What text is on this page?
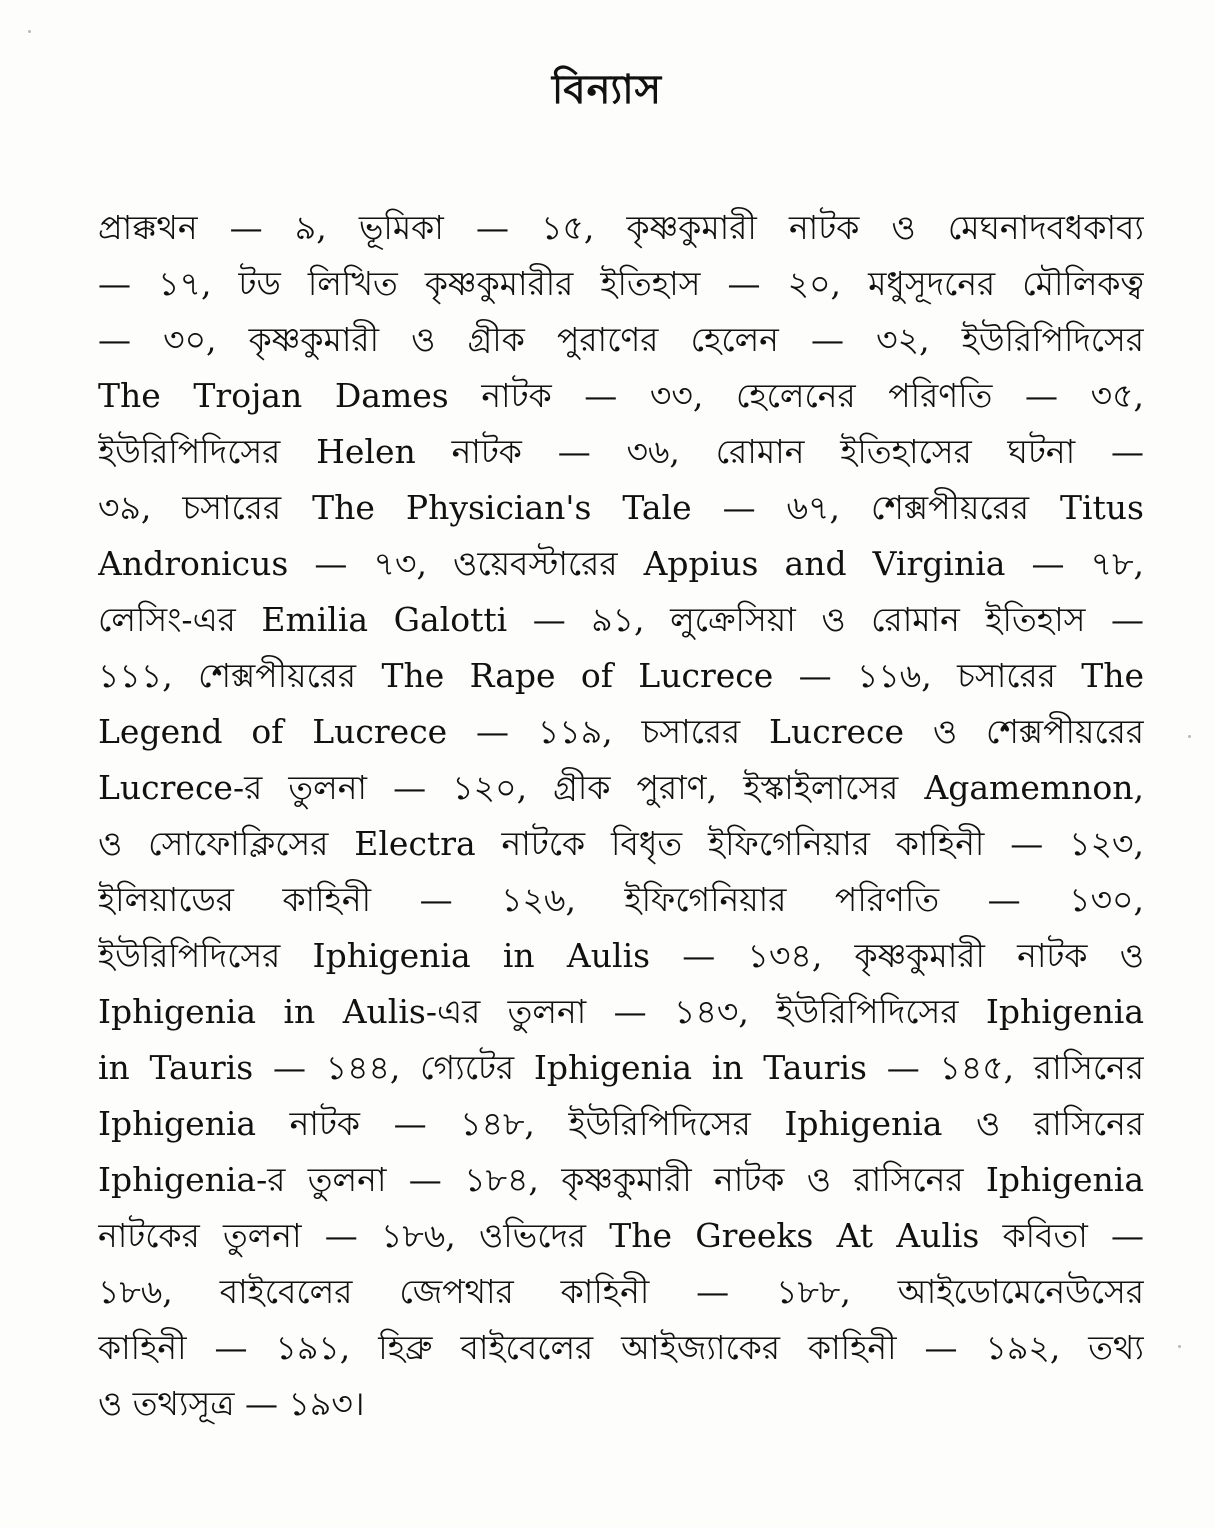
বিন্যাস
প্রাক্কথন — ৯, ভূমিকা — ১৫, কৃষ্ণকুমারী নাটক ও মেঘনাদবধকাব্য
— ১৭, টড লিখিত কৃষ্ণকুমারীর ইতিহাস — ২০, মধুসূদনের মৌলিকত্ব
— ৩০, কৃষ্ণকুমারী ও গ্রীক পুরাণের হেলেন — ৩২, ইউরিপিদিসের
The Trojan Dames নাটক — ৩৩, হেলেনের পরিণতি — ৩৫,
ইউরিপিদিসের Helen নাটক — ৩৬, রোমান ইতিহাসের ঘটনা —
৩৯, চসারের The Physician's Tale — ৬৭, শেক্সপীয়রের Titus
Andronicus — ৭৩, ওয়েবস্টারের Appius and Virginia — ৭৮,
লেসিং-এর Emilia Galotti — ৯১, লুক্রেসিয়া ও রোমান ইতিহাস —
১১১, শেক্সপীয়রের The Rape of Lucrece — ১১৬, চসারের The
Legend of Lucrece — ১১৯, চসারের Lucrece ও শেক্সপীয়রের
Lucrece-র তুলনা — ১২০, গ্রীক পুরাণ, ইস্কাইলাসের Agamemnon,
ও সোফোক্লিসের Electra নাটকে বিধৃত ইফিগেনিয়ার কাহিনী — ১২৩,
ইলিয়াডের কাহিনী — ১২৬, ইফিগেনিয়ার পরিণতি — ১৩০,
ইউরিপিদিসের Iphigenia in Aulis — ১৩৪, কৃষ্ণকুমারী নাটক ও
Iphigenia in Aulis-এর তুলনা — ১৪৩, ইউরিপিদিসের Iphigenia
in Tauris — ১৪৪, গ্যেটের Iphigenia in Tauris — ১৪৫, রাসিনের
Iphigenia নাটক — ১৪৮, ইউরিপিদিসের Iphigenia ও রাসিনের
Iphigenia-র তুলনা — ১৮৪, কৃষ্ণকুমারী নাটক ও রাসিনের Iphigenia
নাটকের তুলনা — ১৮৬, ওভিদের The Greeks At Aulis কবিতা —
১৮৬, বাইবেলের জেপথার কাহিনী — ১৮৮, আইডোমেনেউসের
কাহিনী — ১৯১, হিব্রু বাইবেলের আইজ্যাকের কাহিনী — ১৯২, তথ্য
ও তথ্যসূত্র — ১৯৩।
